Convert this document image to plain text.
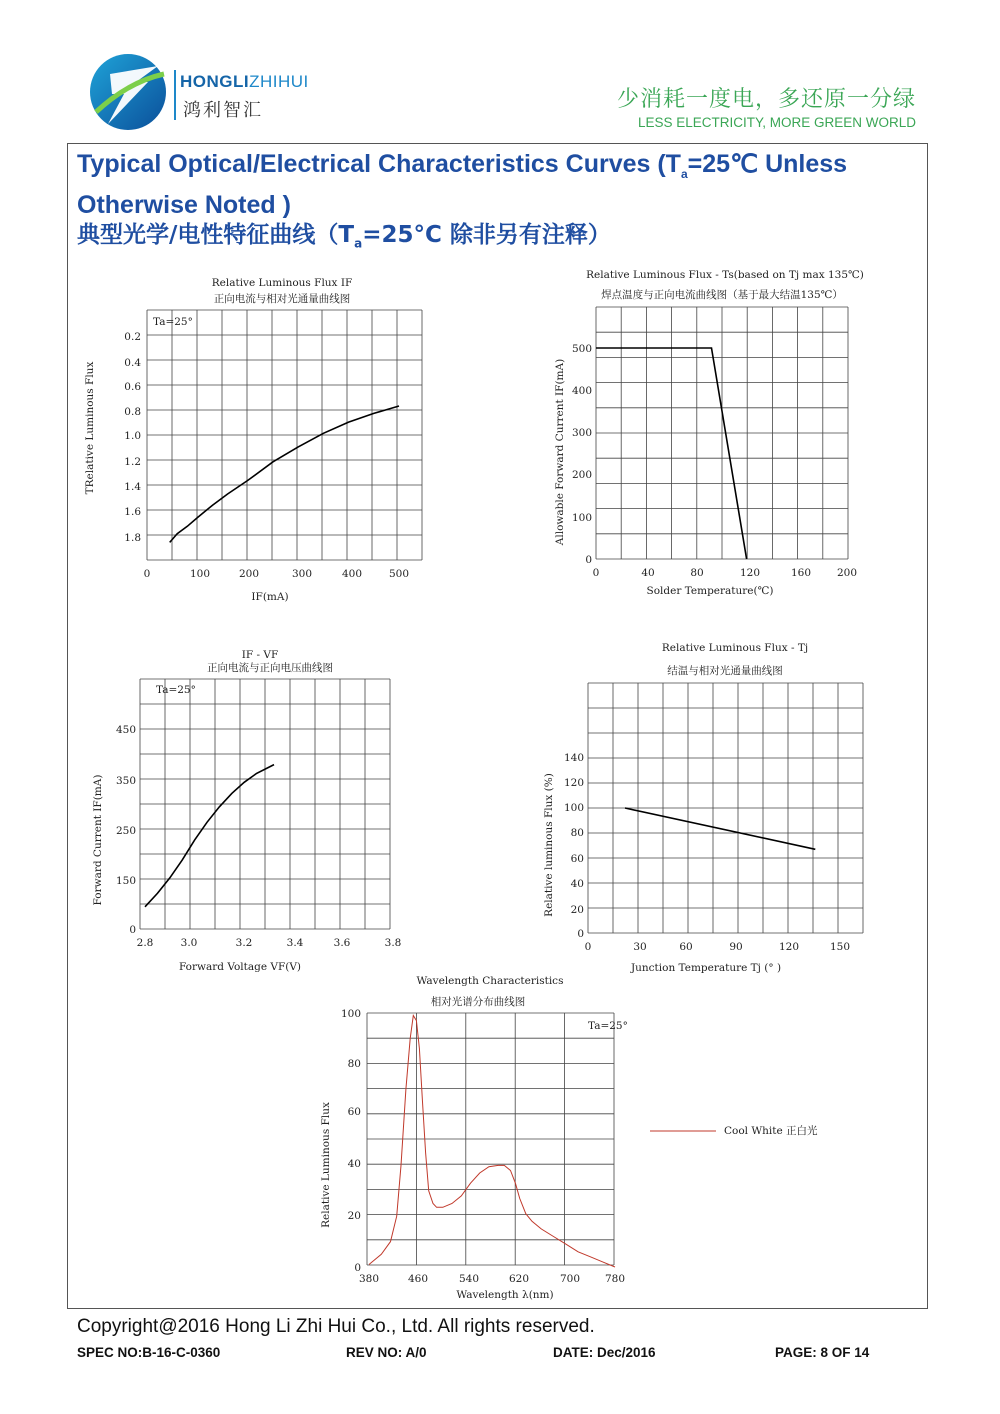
HONGLIZHIHUI
鸿利智汇	少消耗一度电，多还原一分绿
LESS ELECTRICITY, MORE GREEN WORLD
Typical Optical/Electrical Characteristics Curves ($T_a=25℃$ Unless Otherwise Noted )
典型光学/电性特征曲线（$T_a=25^\circ C$ 除非另有注释）
0	100	200	300	400	500
0.2
0.4
0.6
0.8
1.0
1.2
1.4
1.6
1.8
Relative Luminous Flux IF
正向电流与相对光通量曲线图
IF(mA)
TRelative Luminous Flux
Ta=25°
0	40	80	120	160 200
0
100
200
300
400
500
Relative Luminous Flux - Ts(based on Tj max 135℃)
焊点温度与正向电流曲线图（基于最大结温135℃）
Solder Temperature(℃)
Allowable Forward Current IF(mA)
2.8	3.0	3.2	3.4	3.6	3.8
0
150
250
350
450
IF - VF
正向电流与正向电压曲线图
Forward Voltage VF(V)
Forward Current IF(mA)
Ta=25°
0	30	60	90	120	150
0
20
40
60
80
100
120
140
Relative Luminous Flux - Tj
结温与相对光通量曲线图
Junction Temperature Tj (° )
Relative luminous Flux (%)
380	460	540	620	700 780
0
20
40
60
80
100
Wavelength Characteristics
相对光谱分布曲线图
Wavelength λ(nm)
Relative Luminous Flux
Ta=25°
Cool White 正白光
Copyright@2016 Hong Li Zhi Hui Co., Ltd. All rights reserved.
SPEC NO:B-16-C-0360	REV NO: A/0	DATE: Dec/2016	PAGE: 8 OF 14
